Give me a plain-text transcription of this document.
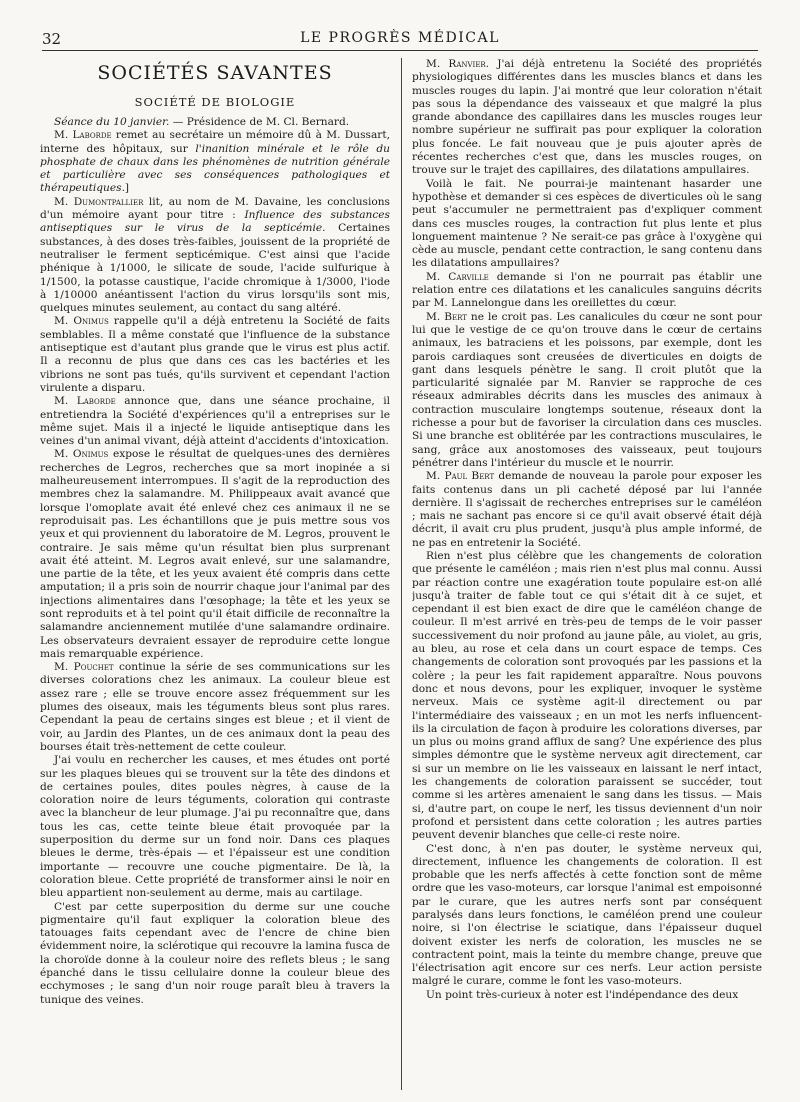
32	LE PROGRÈS MÉDICAL
SOCIÉTÉS SAVANTES
SOCIÉTÉ DE BIOLOGIE

Séance du 10 janvier. — Présidence de M. Cl. Bernard.

M. Laborde remet au secrétaire un mémoire dû à M. Dussart, interne des hôpitaux, sur l'inanition minérale et le rôle du phosphate de chaux dans les phénomènes de nutrition générale et particulière avec ses conséquences pathologiques et thérapeutiques.]

M. Dumontpallier lit, au nom de M. Davaine, les conclusions d'un mémoire ayant pour titre : Influence des substances antiseptiques sur le virus de la septicémie. Certaines substances, à des doses très-faibles, jouissent de la propriété de neutraliser le ferment septicémique. C'est ainsi que l'acide phénique à 1/1000, le silicate de soude, l'acide sulfurique à 1/1500, la potasse caustique, l'acide chromique à 1/3000, l'iode à 1/10000 anéantissent l'action du virus lorsqu'ils sont mis, quelques minutes seulement, au contact du sang altéré.

M. Onimus rappelle qu'il a déjà entretenu la Société de faits semblables. Il a même constaté que l'influence de la substance antiseptique est d'autant plus grande que le virus est plus actif. Il a reconnu de plus que dans ces cas les bactéries et les vibrions ne sont pas tués, qu'ils survivent et cependant l'action virulente a disparu.

M. Laborde annonce que, dans une séance prochaine, il entretiendra la Société d'expériences qu'il a entreprises sur le même sujet. Mais il a injecté le liquide antiseptique dans les veines d'un animal vivant, déjà atteint d'accidents d'intoxication.

M. Onimus expose le résultat de quelques-unes des dernières recherches de Legros, recherches que sa mort inopinée a si malheureusement interrompues. Il s'agit de la reproduction des membres chez la salamandre. M. Philippeaux avait avancé que lorsque l'omoplate avait été enlevé chez ces animaux il ne se reproduisait pas. Les échantillons que je puis mettre sous vos yeux et qui proviennent du laboratoire de M. Legros, prouvent le contraire. Je sais même qu'un résultat bien plus surprenant avait été atteint. M. Legros avait enlevé, sur une salamandre, une partie de la tête, et les yeux avaient été compris dans cette amputation; il a pris soin de nourrir chaque jour l'animal par des injections alimentaires dans l'œsophage; la tête et les yeux se sont reproduits et à tel point qu'il était difficile de reconnaître la salamandre anciennement mutilée d'une salamandre ordinaire. Les observateurs devraient essayer de reproduire cette longue mais remarquable expérience.

M. Pouchet continue la série de ses communications sur les diverses colorations chez les animaux. La couleur bleue est assez rare ; elle se trouve encore assez fréquemment sur les plumes des oiseaux, mais les téguments bleus sont plus rares. Cependant la peau de certains singes est bleue ; et il vient de voir, au Jardin des Plantes, un de ces animaux dont la peau des bourses était très-nettement de cette couleur.

J'ai voulu en rechercher les causes, et mes études ont porté sur les plaques bleues qui se trouvent sur la tête des dindons et de certaines poules, dites poules nègres, à cause de la coloration noire de leurs téguments, coloration qui contraste avec la blancheur de leur plumage. J'ai pu reconnaître que, dans tous les cas, cette teinte bleue était provoquée par la superposition du derme sur un fond noir. Dans ces plaques bleues le derme, très-épais — et l'épaisseur est une condition importante — recouvre une couche pigmentaire. De là, la coloration bleue. Cette propriété de transformer ainsi le noir en bleu appartient non-seulement au derme, mais au cartilage.

C'est par cette superposition du derme sur une couche pigmentaire qu'il faut expliquer la coloration bleue des tatouages faits cependant avec de l'encre de chine bien évidemment noire, la sclérotique qui recouvre la lamina fusca de la choroïde donne à la couleur noire des reflets bleus ; le sang épanché dans le tissu cellulaire donne la couleur bleue des ecchymoses ; le sang d'un noir rouge paraît bleu à travers la tunique des veines.

M. Ranvier. J'ai déjà entretenu la Société des propriétés physiologiques différentes dans les muscles blancs et dans les muscles rouges du lapin. J'ai montré que leur coloration n'était pas sous la dépendance des vaisseaux et que malgré la plus grande abondance des capillaires dans les muscles rouges leur nombre supérieur ne suffirait pas pour expliquer la coloration plus foncée. Le fait nouveau que je puis ajouter après de récentes recherches c'est que, dans les muscles rouges, on trouve sur le trajet des capillaires, des dilatations ampullaires.

Voilà le fait. Ne pourrai-je maintenant hasarder une hypothèse et demander si ces espèces de diverticules où le sang peut s'accumuler ne permettraient pas d'expliquer comment dans ces muscles rouges, la contraction fut plus lente et plus longuement maintenue ? Ne serait-ce pas grâce à l'oxygène qui cède au muscle, pendant cette contraction, le sang contenu dans les dilatations ampullaires?

M. Carville demande si l'on ne pourrait pas établir une relation entre ces dilatations et les canalicules sanguins décrits par M. Lannelongue dans les oreillettes du cœur.

M. Bert ne le croit pas. Les canalicules du cœur ne sont pour lui que le vestige de ce qu'on trouve dans le cœur de certains animaux, les batraciens et les poissons, par exemple, dont les parois cardiaques sont creusées de diverticules en doigts de gant dans lesquels pénètre le sang. Il croit plutôt que la particularité signalée par M. Ranvier se rapproche de ces réseaux admirables décrits dans les muscles des animaux à contraction musculaire longtemps soutenue, réseaux dont la richesse a pour but de favoriser la circulation dans ces muscles. Si une branche est oblitérée par les contractions musculaires, le sang, grâce aux anostomoses des vaisseaux, peut toujours pénétrer dans l'intérieur du muscle et le nourrir.

M. Paul Bert demande de nouveau la parole pour exposer les faits contenus dans un pli cacheté déposé par lui l'année dernière. Il s'agissait de recherches entreprises sur le caméléon ; mais ne sachant pas encore si ce qu'il avait observé était déjà décrit, il avait cru plus prudent, jusqu'à plus ample informé, de ne pas en entretenir la Société.

Rien n'est plus célèbre que les changements de coloration que présente le caméléon ; mais rien n'est plus mal connu. Aussi par réaction contre une exagération toute populaire est-on allé jusqu'à traiter de fable tout ce qui s'était dit à ce sujet, et cependant il est bien exact de dire que le caméléon change de couleur. Il m'est arrivé en très-peu de temps de le voir passer successivement du noir profond au jaune pâle, au violet, au gris, au bleu, au rose et cela dans un court espace de temps. Ces changements de coloration sont provoqués par les passions et la colère ; la peur les fait rapidement apparaître. Nous pouvons donc et nous devons, pour les expliquer, invoquer le système nerveux. Mais ce système agit-il directement ou par l'intermédiaire des vaisseaux ; en un mot les nerfs influencent-ils la circulation de façon à produire les colorations diverses, par un plus ou moins grand afflux de sang? Une expérience des plus simples démontre que le système nerveux agit directement, car si sur un membre on lie les vaisseaux en laissant le nerf intact, les changements de coloration paraissent se succéder, tout comme si les artères amenaient le sang dans les tissus. — Mais si, d'autre part, on coupe le nerf, les tissus deviennent d'un noir profond et persistent dans cette coloration ; les autres parties peuvent devenir blanches que celle-ci reste noire.

C'est donc, à n'en pas douter, le système nerveux qui, directement, influence les changements de coloration. Il est probable que les nerfs affectés à cette fonction sont de même ordre que les vaso-moteurs, car lorsque l'animal est empoisonné par le curare, que les autres nerfs sont par conséquent paralysés dans leurs fonctions, le caméléon prend une couleur noire, si l'on électrise le sciatique, dans l'épaisseur duquel doivent exister les nerfs de coloration, les muscles ne se contractent point, mais la teinte du membre change, preuve que l'électrisation agit encore sur ces nerfs. Leur action persiste malgré le curare, comme le font les vaso-moteurs.

Un point très-curieux à noter est l'indépendance des deux
